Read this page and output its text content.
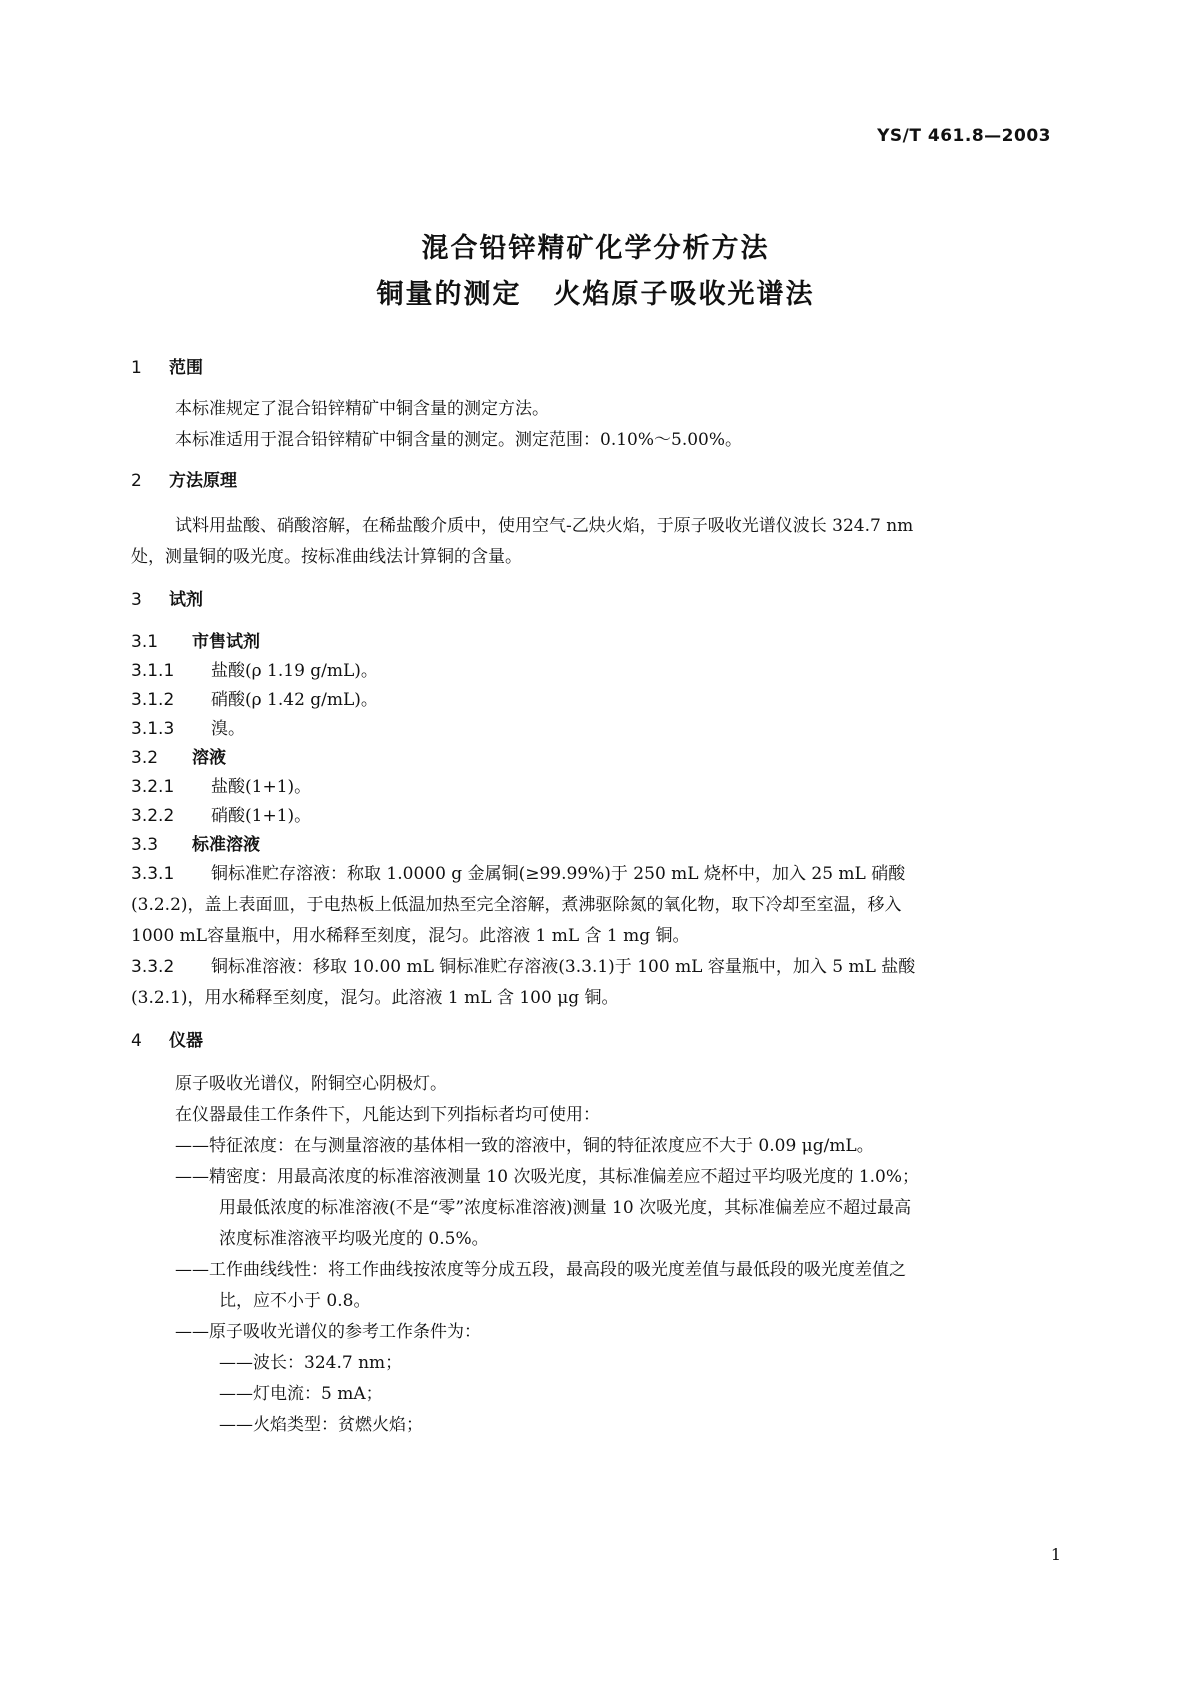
YS/T 461.8—2003
混合铅锌精矿化学分析方法
铜量的测定 火焰原子吸收光谱法
1 范围
本标准规定了混合铅锌精矿中铜含量的测定方法。
本标准适用于混合铅锌精矿中铜含量的测定。测定范围：0.10%～5.00%。
2 方法原理
试料用盐酸、硝酸溶解，在稀盐酸介质中，使用空气-乙炔火焰，于原子吸收光谱仪波长 324.7 nm
处，测量铜的吸光度。按标准曲线法计算铜的含量。
3 试剂
3.1 市售试剂
3.1.1 盐酸(ρ 1.19 g/mL)。
3.1.2 硝酸(ρ 1.42 g/mL)。
3.1.3 溴。
3.2 溶液
3.2.1 盐酸(1+1)。
3.2.2 硝酸(1+1)。
3.3 标准溶液
3.3.1 铜标准贮存溶液：称取 1.0000 g 金属铜(≥99.99%)于 250 mL 烧杯中，加入 25 mL 硝酸
(3.2.2)，盖上表面皿，于电热板上低温加热至完全溶解，煮沸驱除氮的氧化物，取下冷却至室温，移入
1000 mL容量瓶中，用水稀释至刻度，混匀。此溶液 1 mL 含 1 mg 铜。
3.3.2 铜标准溶液：移取 10.00 mL 铜标准贮存溶液(3.3.1)于 100 mL 容量瓶中，加入 5 mL 盐酸
(3.2.1)，用水稀释至刻度，混匀。此溶液 1 mL 含 100 μg 铜。
4 仪器
原子吸收光谱仪，附铜空心阴极灯。
在仪器最佳工作条件下，凡能达到下列指标者均可使用：
——特征浓度：在与测量溶液的基体相一致的溶液中，铜的特征浓度应不大于 0.09 μg/mL。
——精密度：用最高浓度的标准溶液测量 10 次吸光度，其标准偏差应不超过平均吸光度的 1.0%；
用最低浓度的标准溶液(不是“零”浓度标准溶液)测量 10 次吸光度，其标准偏差应不超过最高
浓度标准溶液平均吸光度的 0.5%。
——工作曲线线性：将工作曲线按浓度等分成五段，最高段的吸光度差值与最低段的吸光度差值之
比，应不小于 0.8。
——原子吸收光谱仪的参考工作条件为：
——波长：324.7 nm；
——灯电流：5 mA；
——火焰类型：贫燃火焰；
1
